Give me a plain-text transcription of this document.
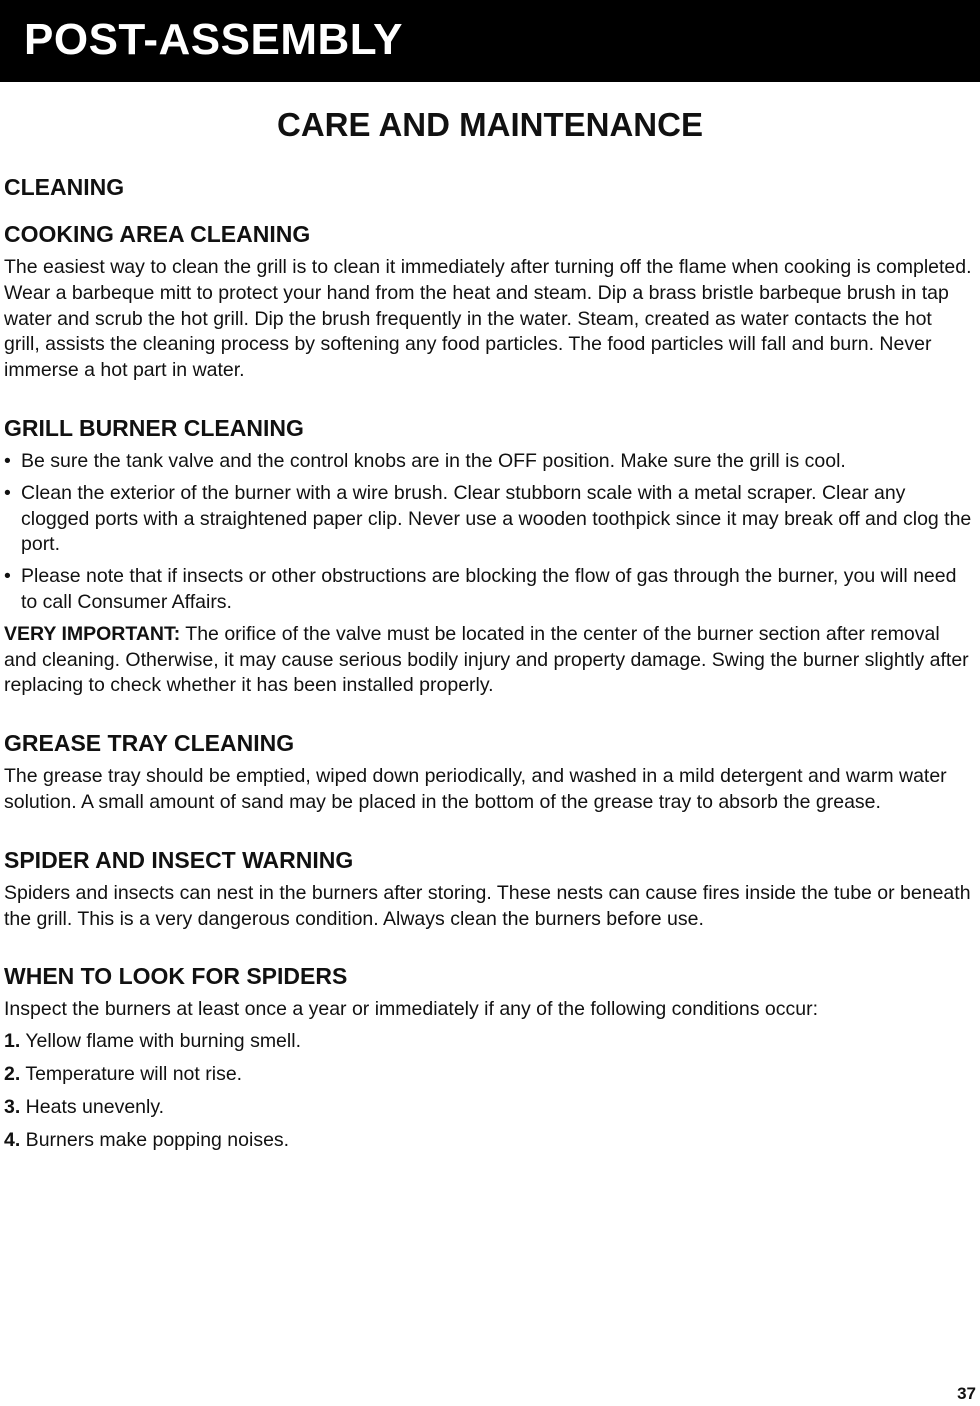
POST-ASSEMBLY
CARE AND MAINTENANCE
CLEANING
COOKING AREA CLEANING

The easiest way to clean the grill is to clean it immediately after turning off the flame when cooking is completed. Wear a barbeque mitt to protect your hand from the heat and steam. Dip a brass bristle barbeque brush in tap water and scrub the hot grill. Dip the brush frequently in the water. Steam, created as water contacts the hot grill, assists the cleaning process by softening any food particles. The food particles will fall and burn. Never immerse a hot part in water.

GRILL BURNER CLEANING
• Be sure the tank valve and the control knobs are in the OFF position. Make sure the grill is cool.
• Clean the exterior of the burner with a wire brush. Clear stubborn scale with a metal scraper. Clear any clogged ports with a straightened paper clip. Never use a wooden toothpick since it may break off and clog the port.
• Please note that if insects or other obstructions are blocking the flow of gas through the burner, you will need to call Consumer Affairs.

VERY IMPORTANT: The orifice of the valve must be located in the center of the burner section after removal and cleaning. Otherwise, it may cause serious bodily injury and property damage. Swing the burner slightly after replacing to check whether it has been installed properly.

GREASE TRAY CLEANING

The grease tray should be emptied, wiped down periodically, and washed in a mild detergent and warm water solution. A small amount of sand may be placed in the bottom of the grease tray to absorb the grease.

SPIDER AND INSECT WARNING

Spiders and insects can nest in the burners after storing. These nests can cause fires inside the tube or beneath the grill. This is a very dangerous condition. Always clean the burners before use.

WHEN TO LOOK FOR SPIDERS

Inspect the burners at least once a year or immediately if any of the following conditions occur:

1. Yellow flame with burning smell.
2. Temperature will not rise.
3. Heats unevenly.
4. Burners make popping noises.
37
